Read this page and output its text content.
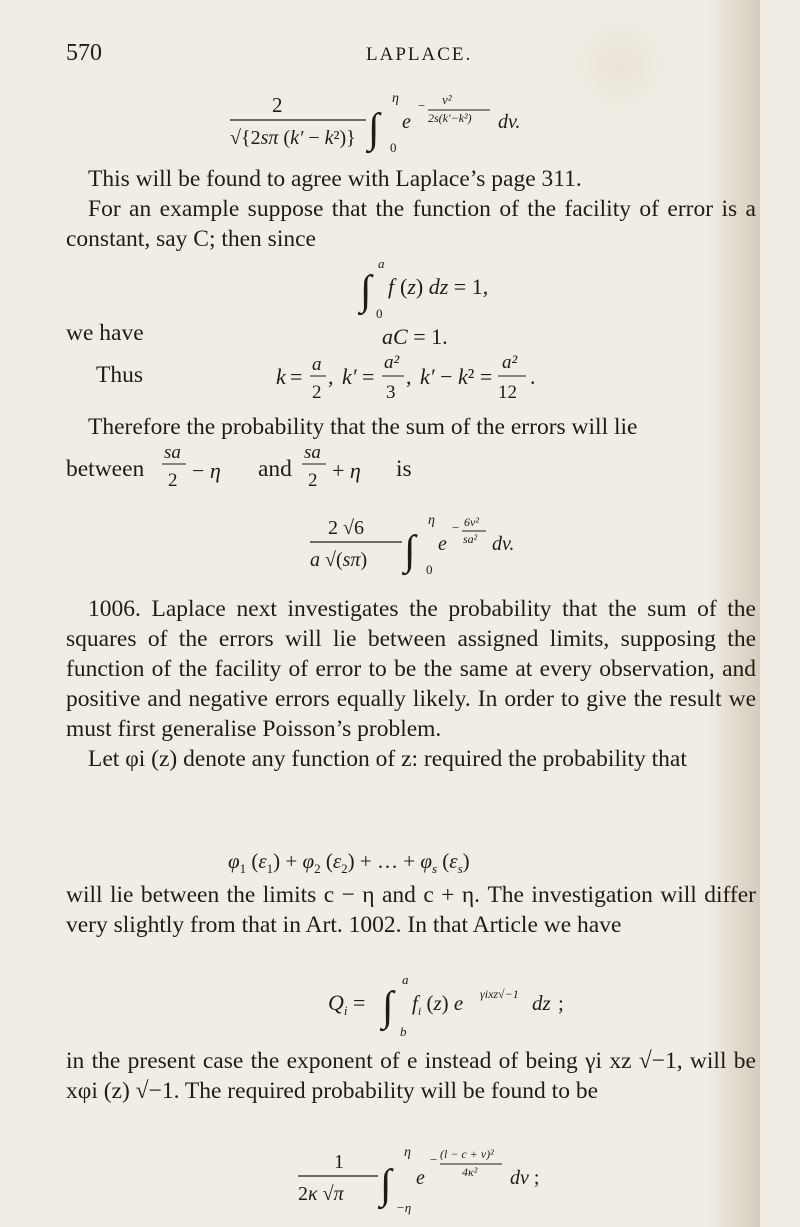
570	LAPLACE.
2
√{2sπ (k′ − k²)} ∫
η
0
e
− v²
2s(k′−k²) dv.

This will be found to agree with Laplace’s page 311.

For an example suppose that the function of the facility of error is a constant, say C; then since

∫
a
0
f (z) dz = 1,
we have	aC = 1.
Thus	k = a
2
, k′ =
a²
3
, k′ − k² =
a²
12
.

Therefore the probability that the sum of the errors will lie

between
sa
2 − η and
sa
2 + η is
2 √6
a √(sπ) ∫
η
0
e
− 6v²
sa² dv.

1006. Laplace next investigates the probability that the sum of the squares of the errors will lie between assigned limits, supposing the function of the facility of error to be the same at every observation, and positive and negative errors equally likely. In order to give the result we must first generalise Poisson’s problem.

Let φi (z) denote any function of z: required the probability that

$\varphi_1$ $(\varepsilon_1) + \varphi_2$ $(\varepsilon_2)$ + … + $\varphi_s$ $(\varepsilon_s)$

will lie between the limits c − η and c + η. The investigation will differ very slightly from that in Art. 1002. In that Article we have

$Q_i$ = ∫
a
b
$f_i$ (z) e γixz√−1 dz ;

in the present case the exponent of e instead of being γi xz √−1, will be xφi (z) √−1. The required probability will be found to be

1
2κ √π ∫
η
−η
e
− (l − c + v)²
4κ² dv ;
